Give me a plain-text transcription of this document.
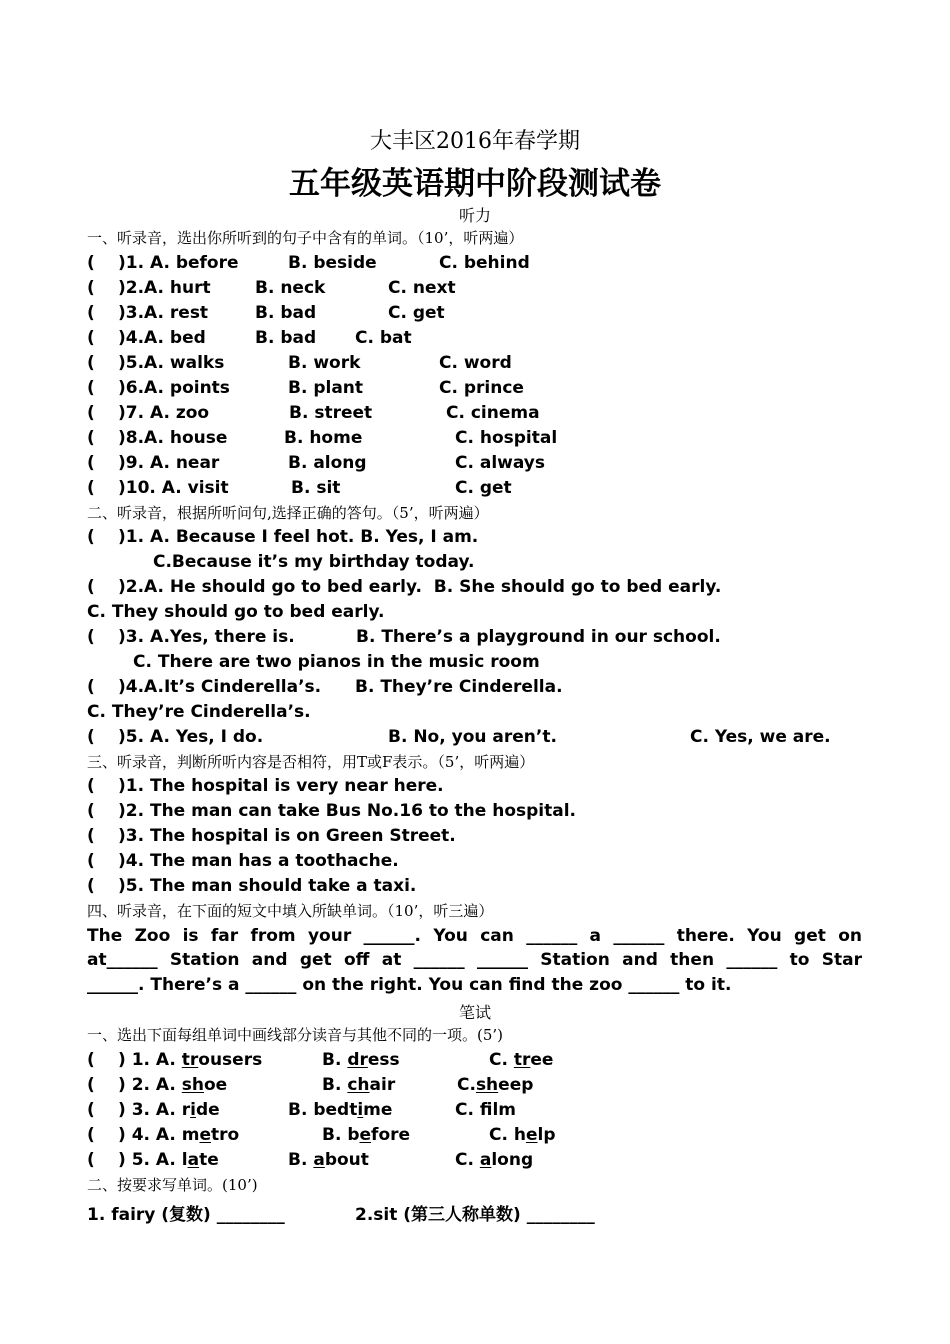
大丰区2016年春学期
五年级英语期中阶段测试卷
听力
一、听录音，选出你所听到的句子中含有的单词。（10’，听两遍）
( )1. A. before	B. beside	C. behind
( )2.A. hurt	B. neck	C. next
( )3.A. rest	B. bad	C. get
( )4.A. bed	B. bad C. bat
( )5.A. walks	B. work	C. word
( )6.A. points	B. plant	C. prince
( )7. A. zoo	B. street	C. cinema
( )8.A. house	B. home	C. hospital
( )9. A. near	B. along	C. always
( )10. A. visit	B. sit	C. get
二、听录音，根据所听问句,选择正确的答句。（5’，听两遍）
( )1. A. Because I feel hot. B. Yes, I am.
C.Because it’s my birthday today.
( )2.A. He should go to bed early.  B. She should go to bed early.
C. They should go to bed early.
( )3. A.Yes, there is.	B. There’s a playground in our school.
C. There are two pianos in the music room
( )4.A.It’s Cinderella’s. B. They’re Cinderella.
C. They’re Cinderella’s.
( )5. A. Yes, I do.	B. No, you aren’t.	C. Yes, we are.
三、听录音，判断所听内容是否相符，用T或F表示。（5’，听两遍）
( )1. The hospital is very near here.
( )2. The man can take Bus No.16 to the hospital.
( )3. The hospital is on Green Street.
( )4. The man has a toothache.
( )5. The man should take a taxi.
四、听录音，在下面的短文中填入所缺单词。（10’，听三遍）
The Zoo is far from your ______. You can ______ a ______ there. You get on
at______ Station and get off at ______ ______ Station and then ______ to Star
______. There’s a ______ on the right. You can find the zoo ______ to it.
笔试
一、选出下面每组单词中画线部分读音与其他不同的一项。(5’)
( ) 1. A. trousers	B. dress	C. tree
( ) 2. A. shoe	B. chair	C.sheep
( ) 3. A. ride	B. bedtime	C. flm
( ) 4. A. metro	B. before	C. help
( ) 5. A. late	B. about	C. along
二、按要求写单词。(10’)
1. fairy (复数) ________	2.sit (第三人称单数) ________
